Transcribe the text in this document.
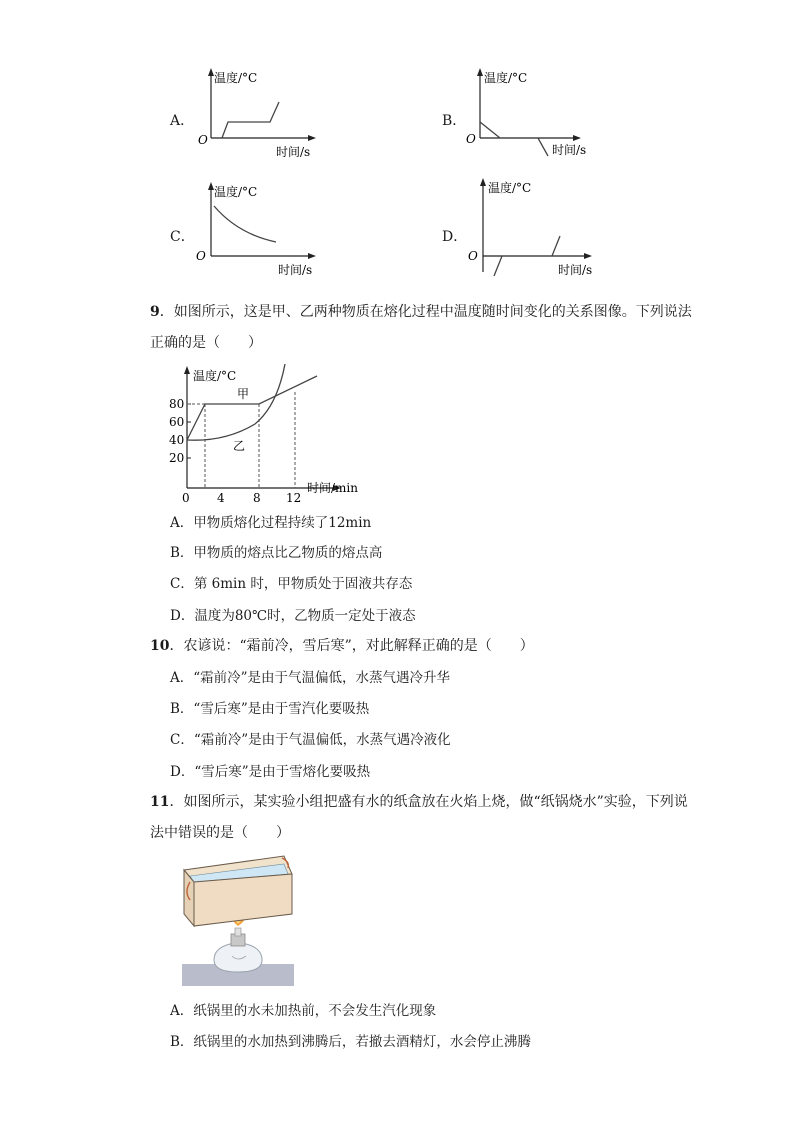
A．
温度/°C
时间/s
O
B．
温度/°C
时间/s
O
C．
温度/°C
时间/s
O
D．
温度/°C
时间/s
O
9．如图所示，这是甲、乙两种物质在熔化过程中温度随时间变化的关系图像。下列说法
正确的是（　　）
80
60
40
20
0 4 8 12
温度/°C
时间/min
甲
乙
A．甲物质熔化过程持续了12min
B．甲物质的熔点比乙物质的熔点高
C．第 6min 时，甲物质处于固液共存态
D．温度为80℃时，乙物质一定处于液态
10．农谚说：“霜前冷，雪后寒”，对此解释正确的是（　　）
A．“霜前冷”是由于气温偏低，水蒸气遇冷升华
B．“雪后寒”是由于雪汽化要吸热
C．“霜前冷”是由于气温偏低，水蒸气遇冷液化
D．“雪后寒”是由于雪熔化要吸热
11．如图所示，某实验小组把盛有水的纸盒放在火焰上烧，做“纸锅烧水”实验，下列说
法中错误的是（　　）
A．纸锅里的水未加热前，不会发生汽化现象
B．纸锅里的水加热到沸腾后，若撤去酒精灯，水会停止沸腾
